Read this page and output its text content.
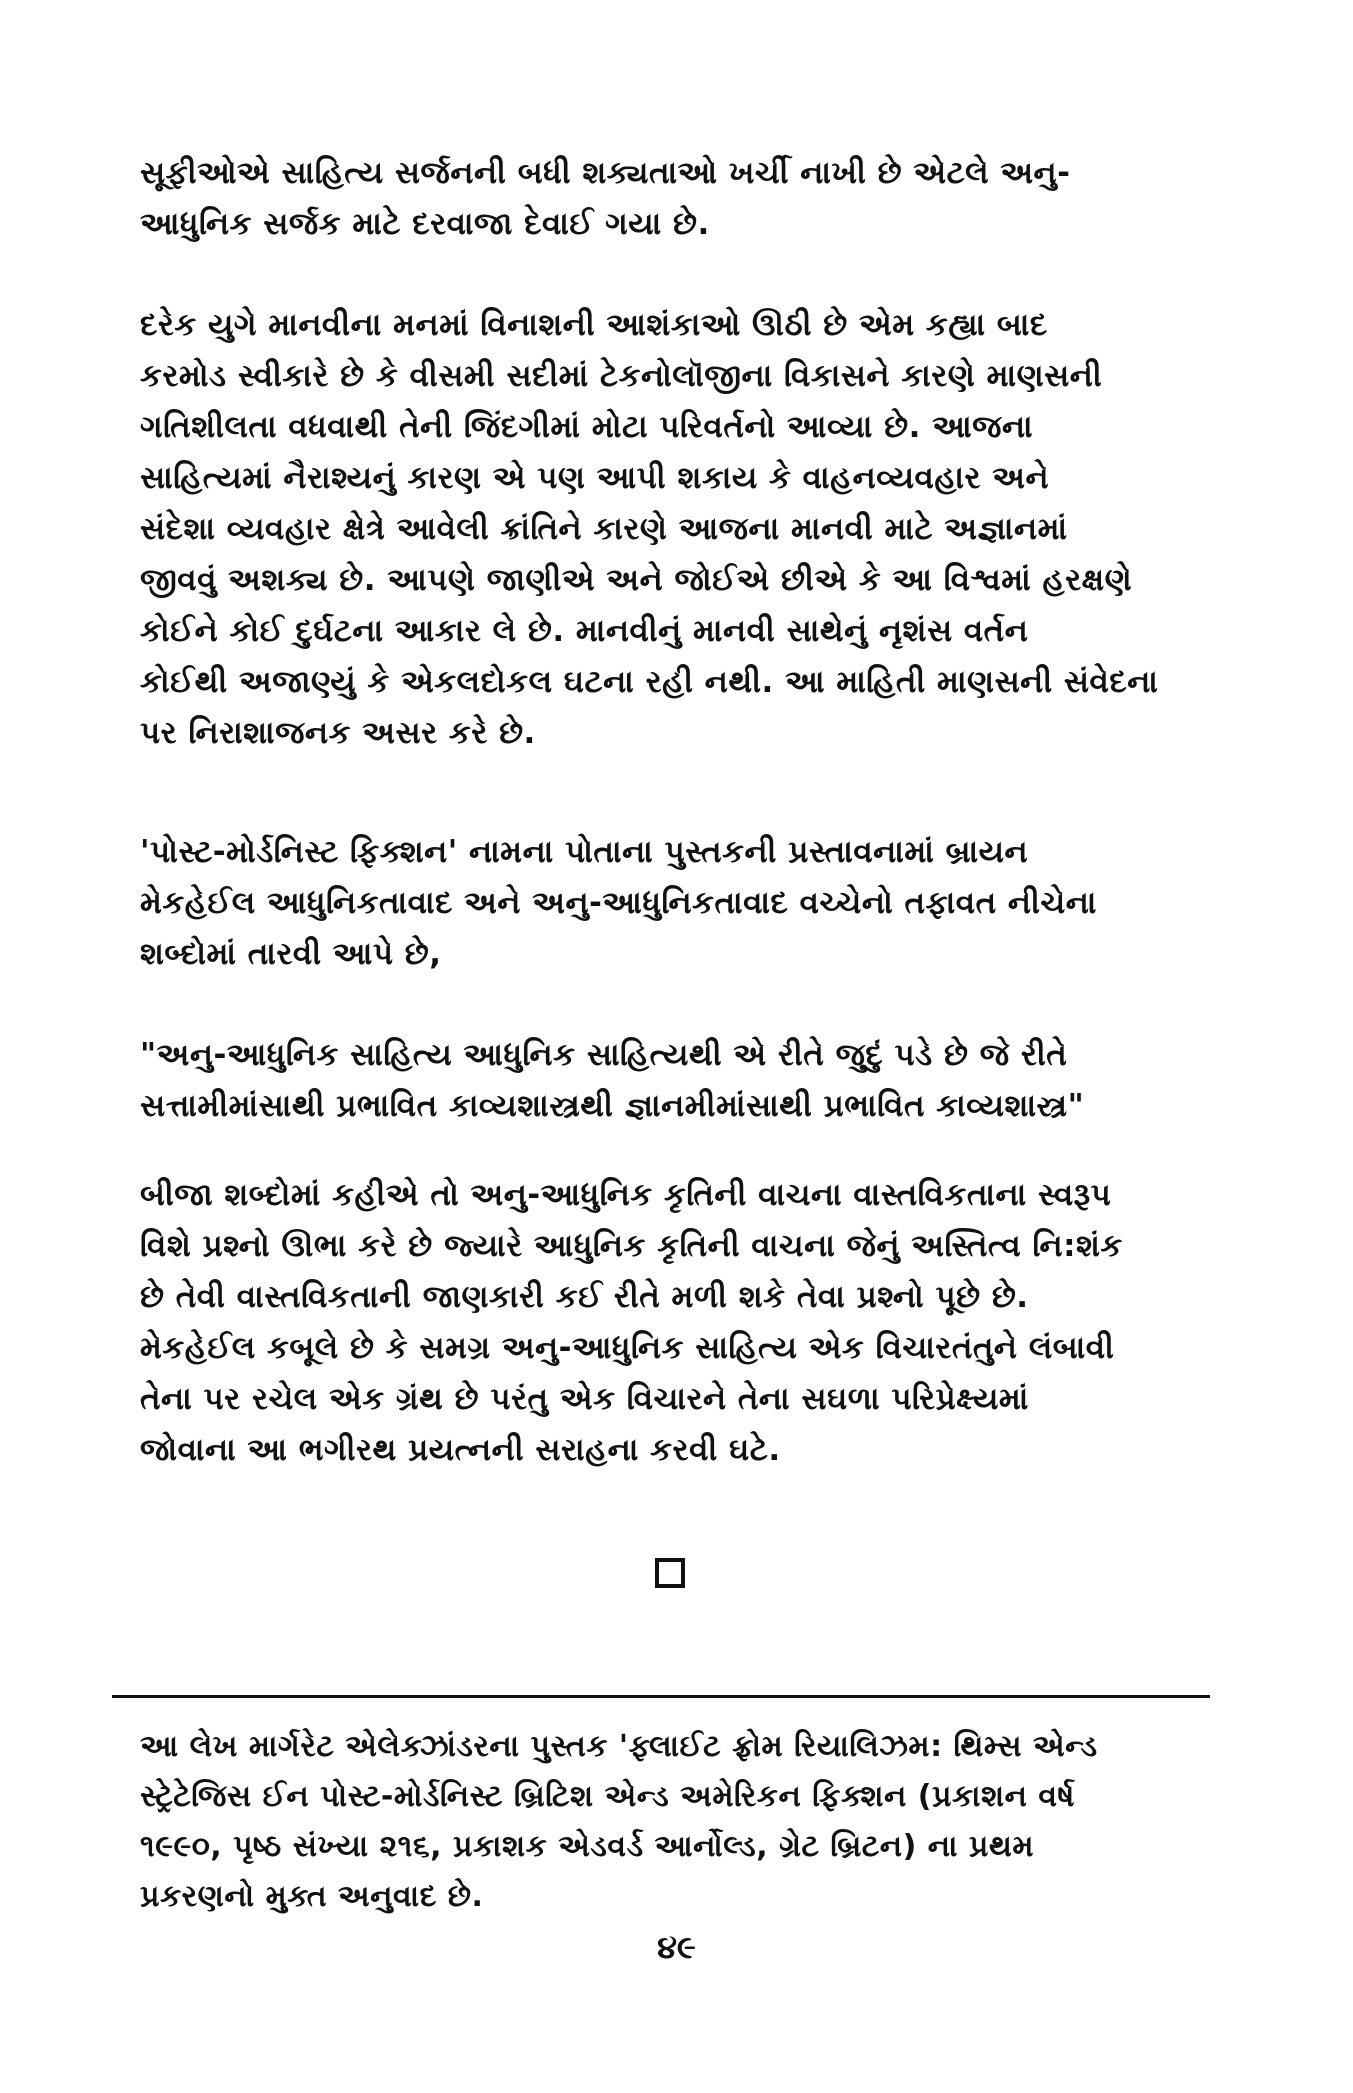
સૂફીઓએ સાહિત્ય સર્જનની બધી શક્યતાઓ ખર્ચી નાખી છે એટલે અનુ-
આધુનિક સર્જક માટે દરવાજા દેવાઈ ગયા છે.
દરેક યુગે માનવીના મનમાં વિનાશની આશંકાઓ ઊઠી છે એમ કહ્યા બાદ
કરમોડ સ્વીકારે છે કે વીસમી સદીમાં ટેકનોલૉજીના વિકાસને કારણે માણસની
ગતિશીલતા વધવાથી તેની જિંદગીમાં મોટા પરિવર્તનો આવ્યા છે. આજના
સાહિત્યમાં નૈરાશ્યનું કારણ એ પણ આપી શકાય કે વાહનવ્યવહાર અને
સંદેશા વ્યવહાર ક્ષેત્રે આવેલી ક્રાંતિને કારણે આજના માનવી માટે અજ્ઞાનમાં
જીવવું અશક્ય છે. આપણે જાણીએ અને જોઈએ છીએ કે આ વિશ્વમાં હરક્ષણે
કોઈને કોઈ દુર્ઘટના આકાર લે છે. માનવીનું માનવી સાથેનું નૃશંસ વર્તન
કોઈથી અજાણ્યું કે એકલદોકલ ઘટના રહી નથી. આ માહિતી માણસની સંવેદના
પર નિરાશાજનક અસર કરે છે.
'પોસ્ટ-મોર્ડનિસ્ટ ફિક્શન' નામના પોતાના પુસ્તકની પ્રસ્તાવનામાં બ્રાયન
મેકહેઈલ આધુનિકતાવાદ અને અનુ-આધુનિકતાવાદ વચ્ચેનો તફાવત નીચેના
શબ્દોમાં તારવી આપે છે,
"અનુ-આધુનિક સાહિત્ય આધુનિક સાહિત્યથી એ રીતે જુદું પડે છે જે રીતે
સત્તામીમાંસાથી પ્રભાવિત કાવ્યશાસ્ત્રથી જ્ઞાનમીમાંસાથી પ્રભાવિત કાવ્યશાસ્ત્ર"
બીજા શબ્દોમાં કહીએ તો અનુ-આધુનિક કૃતિની વાચના વાસ્તવિકતાના સ્વરૂપ
વિશે પ્રશ્નો ઊભા કરે છે જ્યારે આધુનિક કૃતિની વાચના જેનું અસ્તિત્વ નિ:શંક
છે તેવી વાસ્તવિકતાની જાણકારી કઈ રીતે મળી શકે તેવા પ્રશ્નો પૂછે છે.
મેકહેઈલ કબૂલે છે કે સમગ્ર અનુ-આધુનિક સાહિત્ય એક વિચારતંતુને લંબાવી
તેના પર રચેલ એક ગ્રંથ છે પરંતુ એક વિચારને તેના સઘળા પરિપ્રેક્ષ્યમાં
જોવાના આ ભગીરથ પ્રયત્નની સરાહના કરવી ઘટે.
આ લેખ માર્ગરેટ એલેક્ઝાંડરના પુસ્તક 'ફ્લાઈટ ફ્રોમ રિયાલિઝમ: થિમ્સ એન્ડ
સ્ટ્રેટેજિસ ઈન પોસ્ટ-મોર્ડનિસ્ટ બ્રિટિશ એન્ડ અમેરિકન ફિક્શન (પ્રકાશન વર્ષ
૧૯૯૦, પૃષ્ઠ સંખ્યા ૨૧૬, પ્રકાશક એડવર્ડ આર્નોલ્ડ, ગ્રેટ બ્રિટન) ના પ્રથમ
પ્રકરણનો મુક્ત અનુવાદ છે.
૪૯
